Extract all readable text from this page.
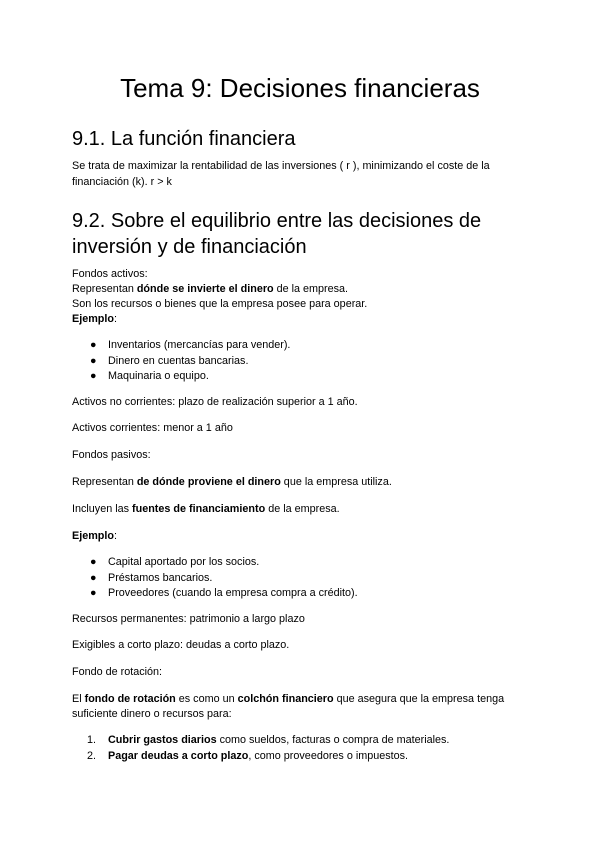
Tema 9: Decisiones financieras
9.1. La función financiera

Se trata de maximizar la rentabilidad de las inversiones ( r ), minimizando el coste de la

financiación (k). r > k

9.2. Sobre el equilibrio entre las decisiones de
inversión y de financiación

Fondos activos:

Representan dónde se invierte el dinero de la empresa.

Son los recursos o bienes que la empresa posee para operar.

Ejemplo:

● Inventarios (mercancías para vender).
● Dinero en cuentas bancarias.
● Maquinaria o equipo.

Activos no corrientes: plazo de realización superior a 1 año.

Activos corrientes: menor a 1 año

Fondos pasivos:

Representan de dónde proviene el dinero que la empresa utiliza.

Incluyen las fuentes de financiamiento de la empresa.

Ejemplo:

● Capital aportado por los socios.
● Préstamos bancarios.
● Proveedores (cuando la empresa compra a crédito).

Recursos permanentes: patrimonio a largo plazo

Exigibles a corto plazo: deudas a corto plazo.

Fondo de rotación:

El fondo de rotación es como un colchón financiero que asegura que la empresa tenga

suficiente dinero o recursos para:

1. Cubrir gastos diarios como sueldos, facturas o compra de materiales.
2. Pagar deudas a corto plazo, como proveedores o impuestos.
